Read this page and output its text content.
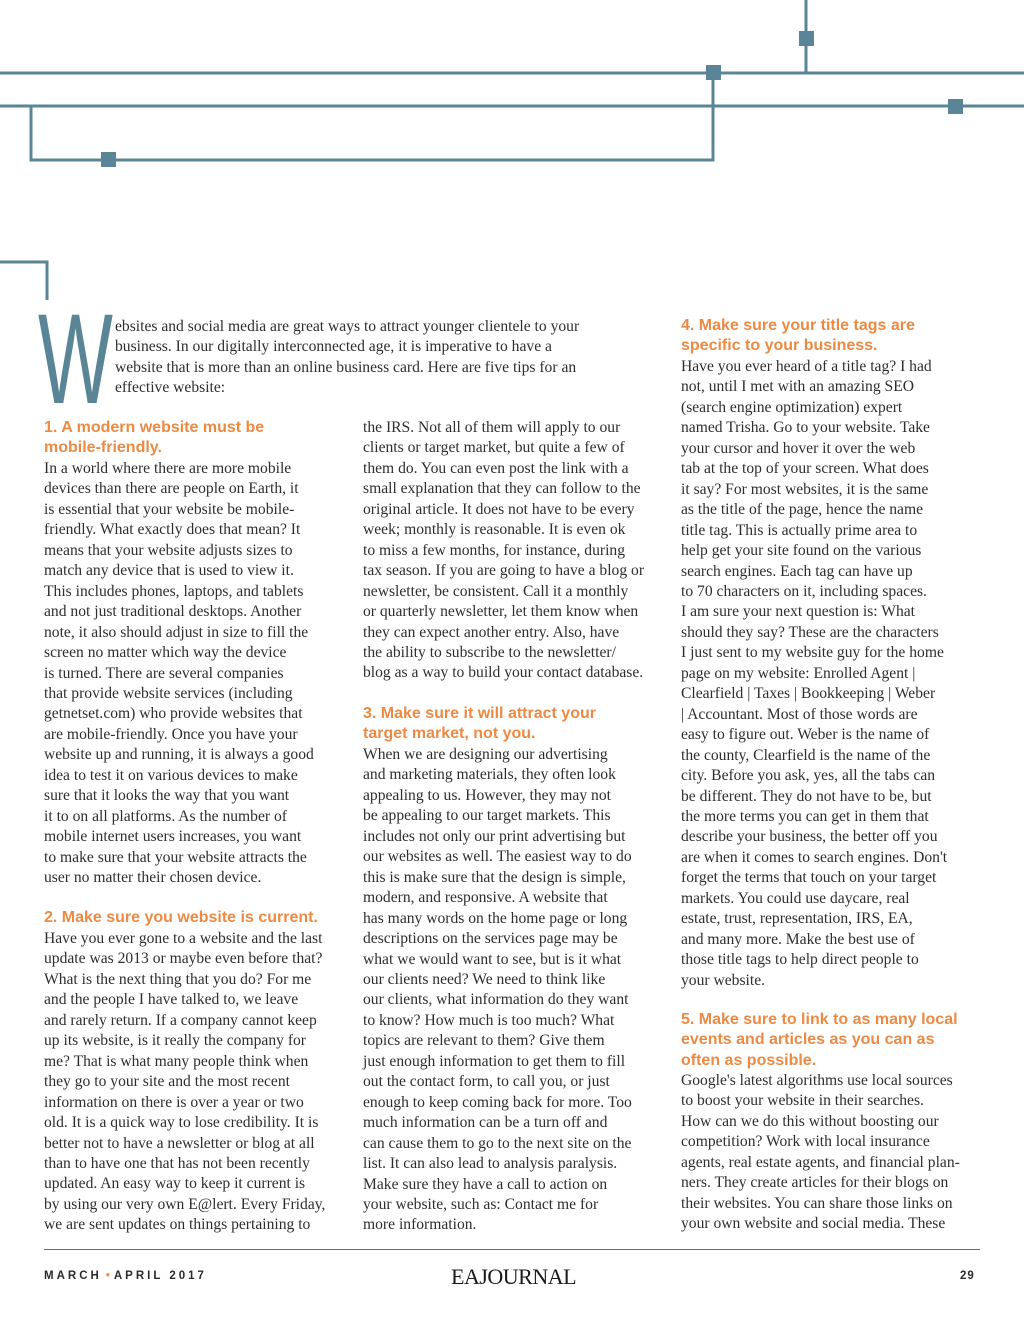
W ebsites and social media are great ways to attract younger clientele to your
business. In our digitally interconnected age, it is imperative to have a
website that is more than an online business card. Here are five tips for an
effective website:

1. A modern website must be
mobile-friendly.

In a world where there are more mobile
devices than there are people on Earth, it
is essential that your website be mobile-
friendly. What exactly does that mean? It
means that your website adjusts sizes to
match any device that is used to view it.
This includes phones, laptops, and tablets
and not just traditional desktops. Another
note, it also should adjust in size to fill the
screen no matter which way the device
is turned. There are several companies
that provide website services (including
getnetset.com) who provide websites that
are mobile-friendly. Once you have your
website up and running, it is always a good
idea to test it on various devices to make
sure that it looks the way that you want
it to on all platforms. As the number of
mobile internet users increases, you want
to make sure that your website attracts the
user no matter their chosen device.

2. Make sure you website is current.

Have you ever gone to a website and the last
update was 2013 or maybe even before that?
What is the next thing that you do? For me
and the people I have talked to, we leave
and rarely return. If a company cannot keep
up its website, is it really the company for
me? That is what many people think when
they go to your site and the most recent
information on there is over a year or two
old. It is a quick way to lose credibility. It is
better not to have a newsletter or blog at all
than to have one that has not been recently
updated. An easy way to keep it current is
by using our very own E@lert. Every Friday,
we are sent updates on things pertaining to

the IRS. Not all of them will apply to our
clients or target market, but quite a few of
them do. You can even post the link with a
small explanation that they can follow to the
original article. It does not have to be every
week; monthly is reasonable. It is even ok
to miss a few months, for instance, during
tax season. If you are going to have a blog or
newsletter, be consistent. Call it a monthly
or quarterly newsletter, let them know when
they can expect another entry. Also, have
the ability to subscribe to the newsletter/
blog as a way to build your contact database.

3. Make sure it will attract your
target market, not you.

When we are designing our advertising
and marketing materials, they often look
appealing to us. However, they may not
be appealing to our target markets. This
includes not only our print advertising but
our websites as well. The easiest way to do
this is make sure that the design is simple,
modern, and responsive. A website that
has many words on the home page or long
descriptions on the services page may be
what we would want to see, but is it what
our clients need? We need to think like
our clients, what information do they want
to know? How much is too much? What
topics are relevant to them? Give them
just enough information to get them to fill
out the contact form, to call you, or just
enough to keep coming back for more. Too
much information can be a turn off and
can cause them to go to the next site on the
list. It can also lead to analysis paralysis.
Make sure they have a call to action on
your website, such as: Contact me for
more information.

4. Make sure your title tags are
specific to your business.

Have you ever heard of a title tag? I had
not, until I met with an amazing SEO
(search engine optimization) expert
named Trisha. Go to your website. Take
your cursor and hover it over the web
tab at the top of your screen. What does
it say? For most websites, it is the same
as the title of the page, hence the name
title tag. This is actually prime area to
help get your site found on the various
search engines. Each tag can have up
to 70 characters on it, including spaces.
I am sure your next question is: What
should they say? These are the characters
I just sent to my website guy for the home
page on my website: Enrolled Agent |
Clearfield | Taxes | Bookkeeping | Weber
| Accountant. Most of those words are
easy to figure out. Weber is the name of
the county, Clearfield is the name of the
city. Before you ask, yes, all the tabs can
be different. They do not have to be, but
the more terms you can get in them that
describe your business, the better off you
are when it comes to search engines. Don't
forget the terms that touch on your target
markets. You could use daycare, real
estate, trust, representation, IRS, EA,
and many more. Make the best use of
those title tags to help direct people to
your website.

5. Make sure to link to as many local
events and articles as you can as
often as possible.

Google's latest algorithms use local sources
to boost your website in their searches.
How can we do this without boosting our
competition? Work with local insurance
agents, real estate agents, and financial plan-
ners. They create articles for their blogs on
their websites. You can share those links on
your own website and social media. These

MARCH • APRIL 2017	EAJOURNAL	29
